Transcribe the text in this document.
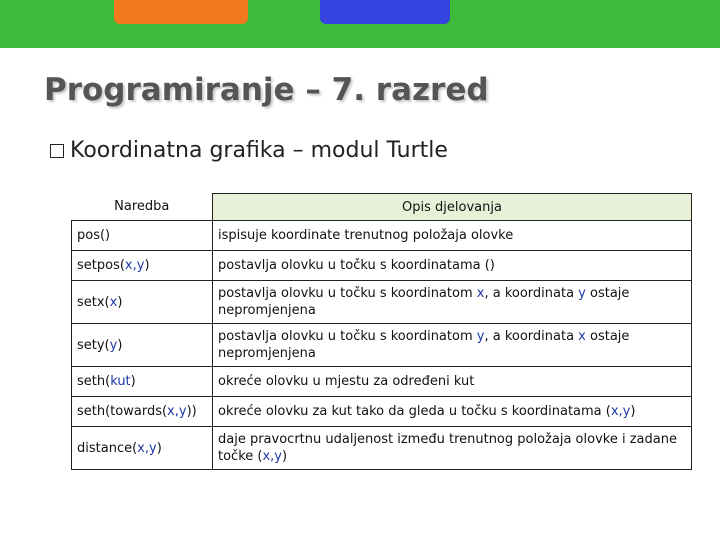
Programiranje – 7. razred
Koordinatna grafika – modul Turtle
Naredba	Opis djelovanja
pos()	ispisuje koordinate trenutnog položaja olovke
setpos(x,y)	postavlja olovku u točku s koordinatama ()
setx(x)	postavlja olovku u točku s koordinatom x, a koordinata y ostaje nepromjenjena
sety(y)	postavlja olovku u točku s koordinatom y, a koordinata x ostaje nepromjenjena
seth(kut)	okreće olovku u mjestu za određeni kut
seth(towards(x,y))	okreće olovku za kut tako da gleda u točku s koordinatama (x,y)
distance(x,y)	daje pravocrtnu udaljenost između trenutnog položaja olovke i zadane točke (x,y)
